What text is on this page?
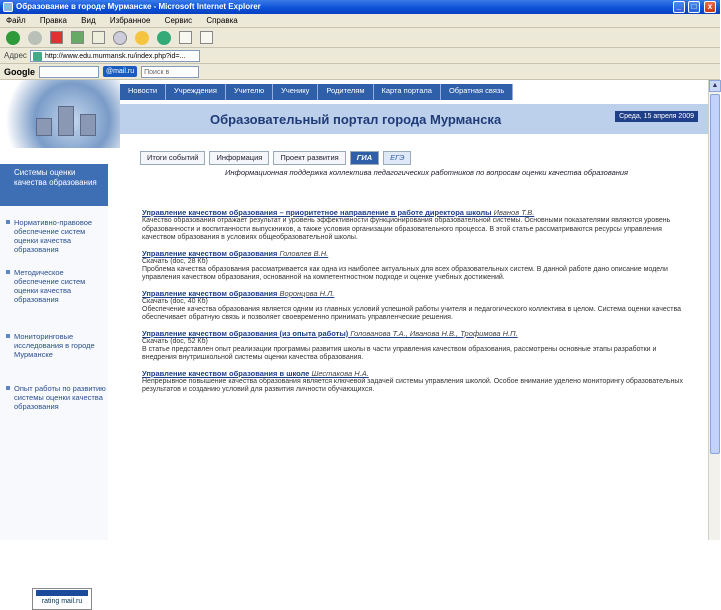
Образование в городе Мурманске - Microsoft Internet Explorer	_	□	x
Файл Правка Вид Избранное Сервис Справка
Адрес	http://www.edu.murmansk.ru/index.php?id=...
Google	@mail.ru	Поиск в
Новости	Учреждения	Учителю	Ученику	Родителям	Карта портала	Обратная связь
Образовательный портал города Мурманска	Среда, 15 апреля 2009
Итоги событий	Информация	Проект развития	ГИА	ЕГЭ
Системы оценки качества образования
Нормативно-правовое обеспечение систем оценки качества образования
Методическое обеспечение систем оценки качества образования
Мониторинговые исследования в городе Мурманске
Опыт работы по развитию системы оценки качества образования
rating mail.ru
Информационная поддержка коллектива педагогических работников по вопросам оценки качества образования
Управление качеством образования – приоритетное направление в работе директора школы Иванов Т.В.
Качество образования отражает результат и уровень эффективности функционирования образовательной системы. Основными показателями являются уровень образованности и воспитанности выпускников, а также условия организации образовательного процесса. В этой статье рассматриваются ресурсы управления качеством образования в условиях общеобразовательной школы.
Управление качеством образования Головлев В.Н.
Скачать (doc, 28 Кб)
Проблема качества образования рассматривается как одна из наиболее актуальных для всех образовательных систем. В данной работе дано описание модели управления качеством образования, основанной на компетентностном подходе и оценке учебных достижений.
Управление качеством образования Воронцова Н.Л.
Скачать (doc, 40 Кб)
Обеспечение качества образования является одним из главных условий успешной работы учителя и педагогического коллектива в целом. Система оценки качества обеспечивает обратную связь и позволяет своевременно принимать управленческие решения.
Управление качеством образования (из опыта работы) Голованова Т.А., Иванова Н.В., Трофимова Н.П.
Скачать (doc, 52 Кб)
В статье представлен опыт реализации программы развития школы в части управления качеством образования, рассмотрены основные этапы разработки и внедрения внутришкольной системы оценки качества образования.
Управление качеством образования в школе Шестакова Н.А.
Непрерывное повышение качества образования является ключевой задачей системы управления школой. Особое внимание уделено мониторингу образовательных результатов и созданию условий для развития личности обучающихся.
▲
